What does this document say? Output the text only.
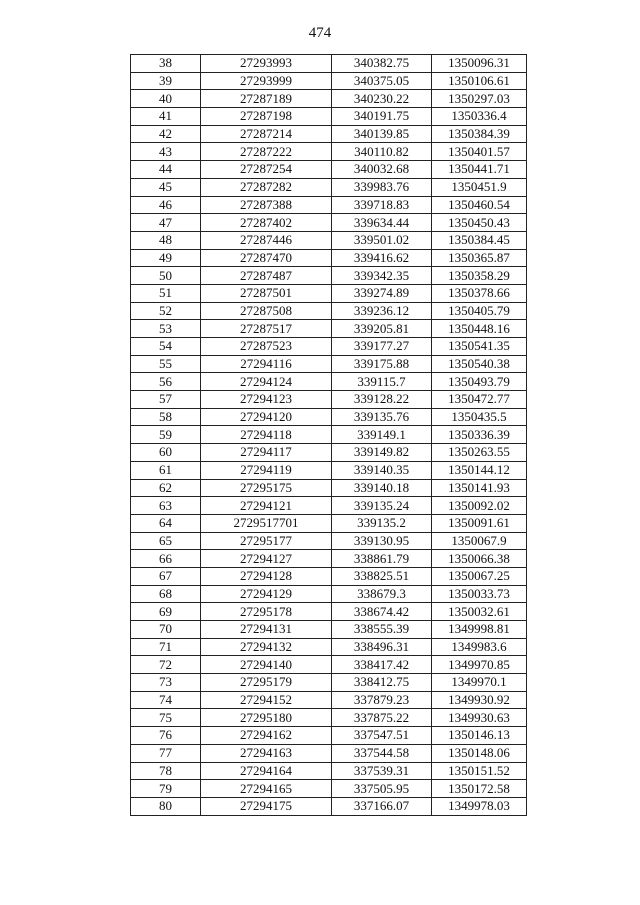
474
38	27293993	340382.75	1350096.31
39	27293999	340375.05	1350106.61
40	27287189	340230.22	1350297.03
41	27287198	340191.75	1350336.4
42	27287214	340139.85	1350384.39
43	27287222	340110.82	1350401.57
44	27287254	340032.68	1350441.71
45	27287282	339983.76	1350451.9
46	27287388	339718.83	1350460.54
47	27287402	339634.44	1350450.43
48	27287446	339501.02	1350384.45
49	27287470	339416.62	1350365.87
50	27287487	339342.35	1350358.29
51	27287501	339274.89	1350378.66
52	27287508	339236.12	1350405.79
53	27287517	339205.81	1350448.16
54	27287523	339177.27	1350541.35
55	27294116	339175.88	1350540.38
56	27294124	339115.7	1350493.79
57	27294123	339128.22	1350472.77
58	27294120	339135.76	1350435.5
59	27294118	339149.1	1350336.39
60	27294117	339149.82	1350263.55
61	27294119	339140.35	1350144.12
62	27295175	339140.18	1350141.93
63	27294121	339135.24	1350092.02
64	2729517701	339135.2	1350091.61
65	27295177	339130.95	1350067.9
66	27294127	338861.79	1350066.38
67	27294128	338825.51	1350067.25
68	27294129	338679.3	1350033.73
69	27295178	338674.42	1350032.61
70	27294131	338555.39	1349998.81
71	27294132	338496.31	1349983.6
72	27294140	338417.42	1349970.85
73	27295179	338412.75	1349970.1
74	27294152	337879.23	1349930.92
75	27295180	337875.22	1349930.63
76	27294162	337547.51	1350146.13
77	27294163	337544.58	1350148.06
78	27294164	337539.31	1350151.52
79	27294165	337505.95	1350172.58
80	27294175	337166.07	1349978.03
